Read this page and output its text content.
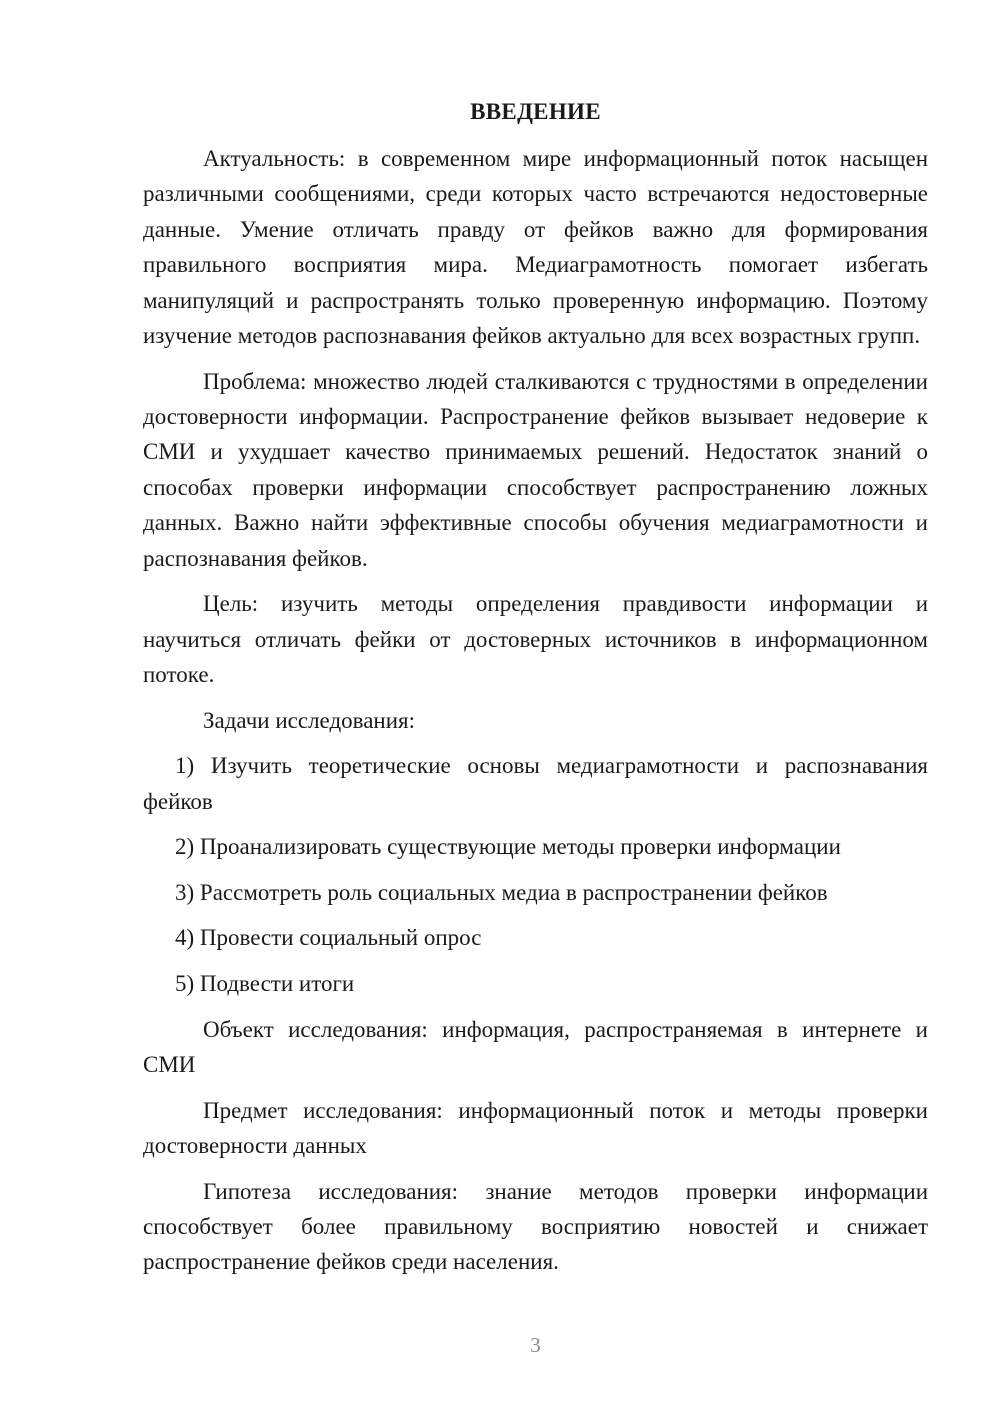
ВВЕДЕНИЕ

Актуальность: в современном мире информационный поток насыщен различными сообщениями, среди которых часто встречаются недостоверные данные. Умение отличать правду от фейков важно для формирования правильного восприятия мира. Медиаграмотность помогает избегать манипуляций и распространять только проверенную информацию. Поэтому изучение методов распознавания фейков актуально для всех возрастных групп.

Проблема: множество людей сталкиваются с трудностями в определении достоверности информации. Распространение фейков вызывает недоверие к СМИ и ухудшает качество принимаемых решений. Недостаток знаний о способах проверки информации способствует распространению ложных данных. Важно найти эффективные способы обучения медиаграмотности и распознавания фейков.

Цель: изучить методы определения правдивости информации и научиться отличать фейки от достоверных источников в информационном потоке.

Задачи исследования:

1) Изучить теоретические основы медиаграмотности и распознавания фейков

2) Проанализировать существующие методы проверки информации

3) Рассмотреть роль социальных медиа в распространении фейков

4) Провести социальный опрос

5) Подвести итоги

Объект исследования: информация, распространяемая в интернете и СМИ

Предмет исследования: информационный поток и методы проверки достоверности данных

Гипотеза исследования: знание методов проверки информации способствует более правильному восприятию новостей и снижает распространение фейков среди населения.

3
